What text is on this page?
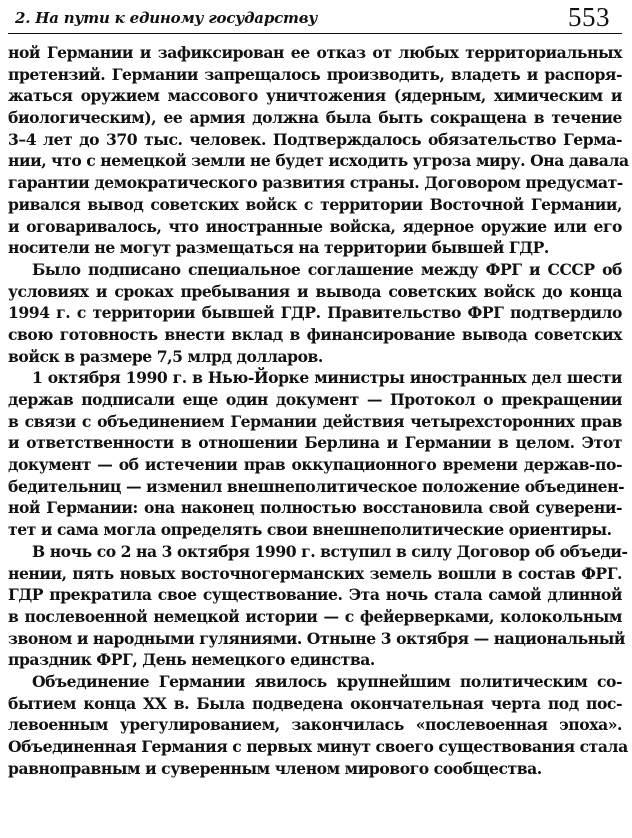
2. На пути к единому государству	553
ной Германии и зафиксирован ее отказ от любых территориальных
претензий. Германии запрещалось производить, владеть и распоря-
жаться оружием массового уничтожения (ядерным, химическим и
биологическим), ее армия должна была быть сокращена в течение
3–4 лет до 370 тыс. человек. Подтверждалось обязательство Герма-
нии, что с немецкой земли не будет исходить угроза миру. Она давала
гарантии демократического развития страны. Договором предусмат-
ривался вывод советских войск с территории Восточной Германии,
и оговаривалось, что иностранные войска, ядерное оружие или его
носители не могут размещаться на территории бывшей ГДР.
Было подписано специальное соглашение между ФРГ и СССР об
условиях и сроках пребывания и вывода советских войск до конца
1994 г. с территории бывшей ГДР. Правительство ФРГ подтвердило
свою готовность внести вклад в финансирование вывода советских
войск в размере 7,5 млрд долларов.
1 октября 1990 г. в Нью-Йорке министры иностранных дел шести
держав подписали еще один документ — Протокол о прекращении
в связи с объединением Германии действия четырехсторонних прав
и ответственности в отношении Берлина и Германии в целом. Этот
документ — об истечении прав оккупационного времени держав-по-
бедительниц — изменил внешнеполитическое положение объединен-
ной Германии: она наконец полностью восстановила свой суверени-
тет и сама могла определять свои внешнеполитические ориентиры.
В ночь со 2 на 3 октября 1990 г. вступил в силу Договор об объеди-
нении, пять новых восточногерманских земель вошли в состав ФРГ.
ГДР прекратила свое существование. Эта ночь стала самой длинной
в послевоенной немецкой истории — с фейерверками, колокольным
звоном и народными гуляниями. Отныне 3 октября — национальный
праздник ФРГ, День немецкого единства.
Объединение Германии явилось крупнейшим политическим со-
бытием конца XX в. Была подведена окончательная черта под пос-
левоенным урегулированием, закончилась «послевоенная эпоха».
Объединенная Германия с первых минут своего существования стала
равноправным и суверенным членом мирового сообщества.
